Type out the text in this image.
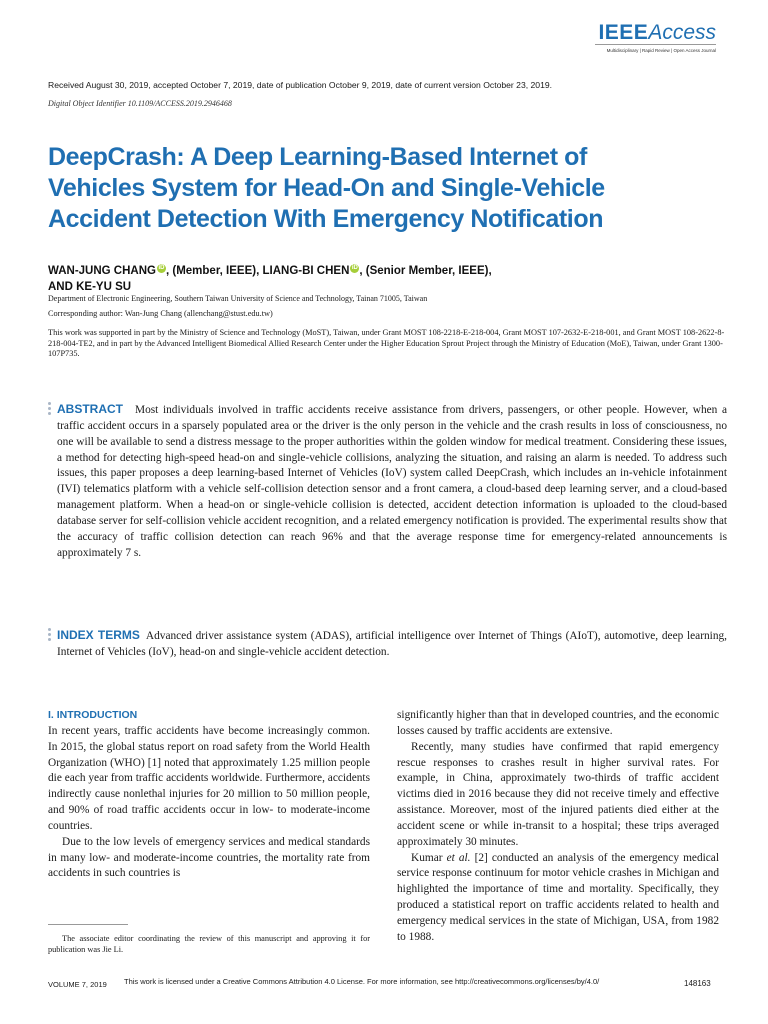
IEEEAccess
Multidisciplinary | Rapid Review | Open Access Journal
Received August 30, 2019, accepted October 7, 2019, date of publication October 9, 2019, date of current version October 23, 2019.
Digital Object Identifier 10.1109/ACCESS.2019.2946468
DeepCrash: A Deep Learning-Based Internet of Vehicles System for Head-On and Single-Vehicle Accident Detection With Emergency Notification
WAN-JUNG CHANG iD , (Member, IEEE), LIANG-BI CHEN iD , (Senior Member, IEEE),
AND KE-YU SU
Department of Electronic Engineering, Southern Taiwan University of Science and Technology, Tainan 71005, Taiwan
Corresponding author: Wan-Jung Chang (allenchang@stust.edu.tw)
This work was supported in part by the Ministry of Science and Technology (MoST), Taiwan, under Grant MOST 108-2218-E-218-004, Grant MOST 107-2632-E-218-001, and Grant MOST 108-2622-8-218-004-TE2, and in part by the Advanced Intelligent Biomedical Allied Research Center under the Higher Education Sprout Project through the Ministry of Education (MoE), Taiwan, under Grant 1300-107P735.
ABSTRACT Most individuals involved in traffic accidents receive assistance from drivers, passengers, or other people. However, when a traffic accident occurs in a sparsely populated area or the driver is the only person in the vehicle and the crash results in loss of consciousness, no one will be available to send a distress message to the proper authorities within the golden window for medical treatment. Considering these issues, a method for detecting high-speed head-on and single-vehicle collisions, analyzing the situation, and raising an alarm is needed. To address such issues, this paper proposes a deep learning-based Internet of Vehicles (IoV) system called DeepCrash, which includes an in-vehicle infotainment (IVI) telematics platform with a vehicle self-collision detection sensor and a front camera, a cloud-based deep learning server, and a cloud-based management platform. When a head-on or single-vehicle collision is detected, accident detection information is uploaded to the cloud-based database server for self-collision vehicle accident recognition, and a related emergency notification is provided. The experimental results show that the accuracy of traffic collision detection can reach 96% and that the average response time for emergency-related announcements is approximately 7 s.
INDEX TERMS Advanced driver assistance system (ADAS), artificial intelligence over Internet of Things (AIoT), automotive, deep learning, Internet of Vehicles (IoV), head-on and single-vehicle accident detection.
I. INTRODUCTION

In recent years, traffic accidents have become increasingly common. In 2015, the global status report on road safety from the World Health Organization (WHO) [1] noted that approximately 1.25 million people die each year from traffic accidents worldwide. Furthermore, accidents indirectly cause nonlethal injuries for 20 million to 50 million people, and 90% of road traffic accidents occur in low- to moderate-income countries.

Due to the low levels of emergency services and medical standards in many low- and moderate-income countries, the mortality rate from accidents in such countries is

significantly higher than that in developed countries, and the economic losses caused by traffic accidents are extensive.

Recently, many studies have confirmed that rapid emergency rescue responses to crashes result in higher survival rates. For example, in China, approximately two-thirds of traffic accident victims died in 2016 because they did not receive timely and effective assistance. Moreover, most of the injured patients died either at the accident scene or while in-transit to a hospital; these trips averaged approximately 30 minutes.

Kumar et al. [2] conducted an analysis of the emergency medical service response continuum for motor vehicle crashes in Michigan and highlighted the importance of time and mortality. Specifically, they produced a statistical report on traffic accidents related to health and emergency medical services in the state of Michigan, USA, from 1982 to 1988.

The associate editor coordinating the review of this manuscript and approving it for publication was Jie Li.
VOLUME 7, 2019 This work is licensed under a Creative Commons Attribution 4.0 License. For more information, see http://creativecommons.org/licenses/by/4.0/	148163
